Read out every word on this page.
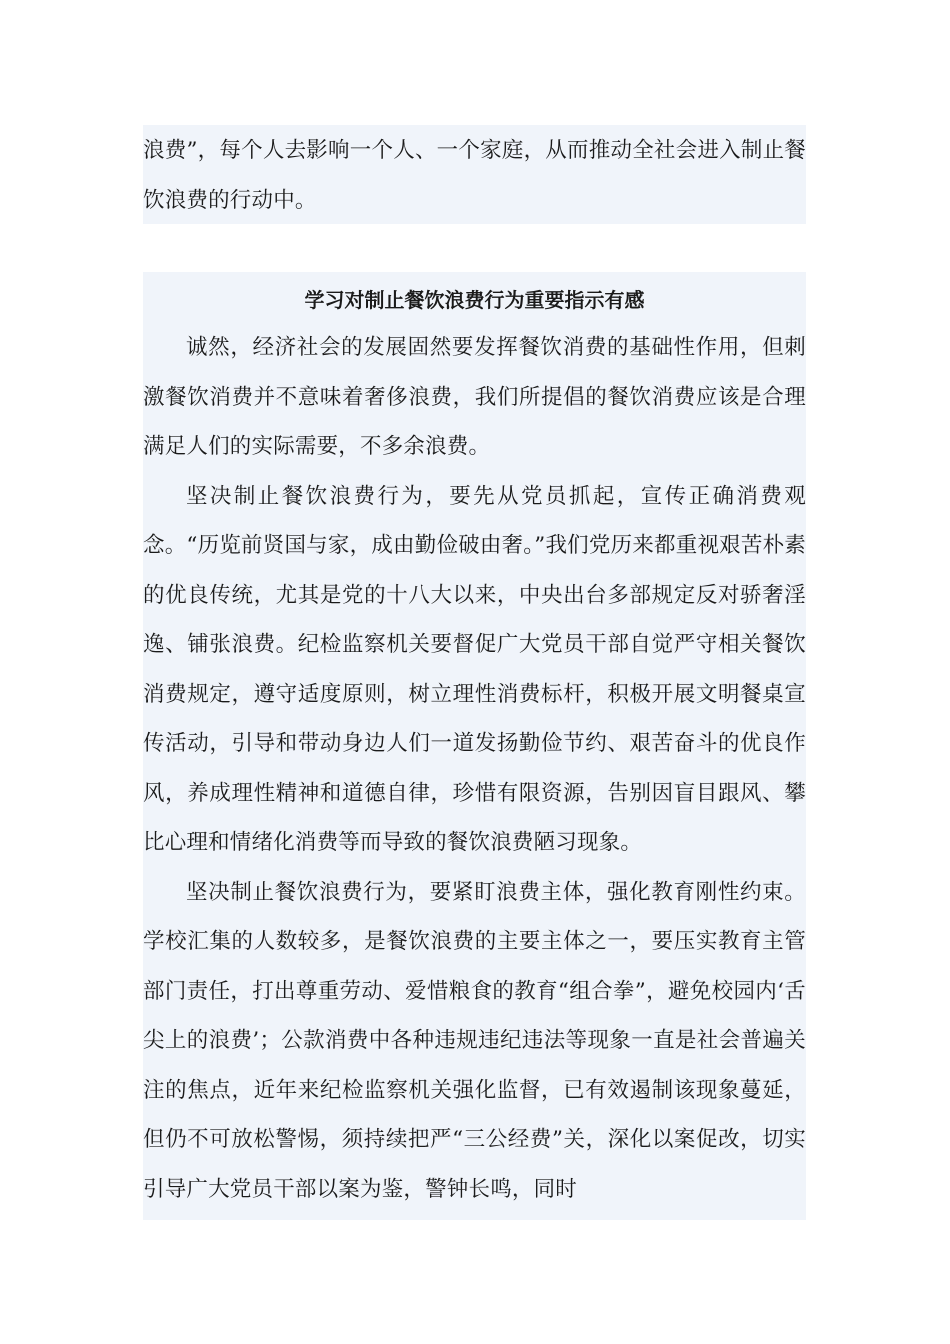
浪费”，每个人去影响一个人、一个家庭，从而推动全社会进入制止餐饮浪费的行动中。

学习对制止餐饮浪费行为重要指示有感

诚然，经济社会的发展固然要发挥餐饮消费的基础性作用，但刺激餐饮消费并不意味着奢侈浪费，我们所提倡的餐饮消费应该是合理满足人们的实际需要，不多余浪费。

坚决制止餐饮浪费行为，要先从党员抓起，宣传正确消费观念。“历览前贤国与家，成由勤俭破由奢。”我们党历来都重视艰苦朴素的优良传统，尤其是党的十八大以来，中央出台多部规定反对骄奢淫逸、铺张浪费。纪检监察机关要督促广大党员干部自觉严守相关餐饮消费规定，遵守适度原则，树立理性消费标杆，积极开展文明餐桌宣传活动，引导和带动身边人们一道发扬勤俭节约、艰苦奋斗的优良作风，养成理性精神和道德自律，珍惜有限资源，告别因盲目跟风、攀比心理和情绪化消费等而导致的餐饮浪费陋习现象。

坚决制止餐饮浪费行为，要紧盯浪费主体，强化教育刚性约束。学校汇集的人数较多，是餐饮浪费的主要主体之一，要压实教育主管部门责任，打出尊重劳动、爱惜粮食的教育“组合拳”，避免校园内‘舌尖上的浪费’；公款消费中各种违规违纪违法等现象一直是社会普遍关注的焦点，近年来纪检监察机关强化监督，已有效遏制该现象蔓延，但仍不可放松警惕，须持续把严“三公经费”关，深化以案促改，切实引导广大党员干部以案为鉴，警钟长鸣，同时
